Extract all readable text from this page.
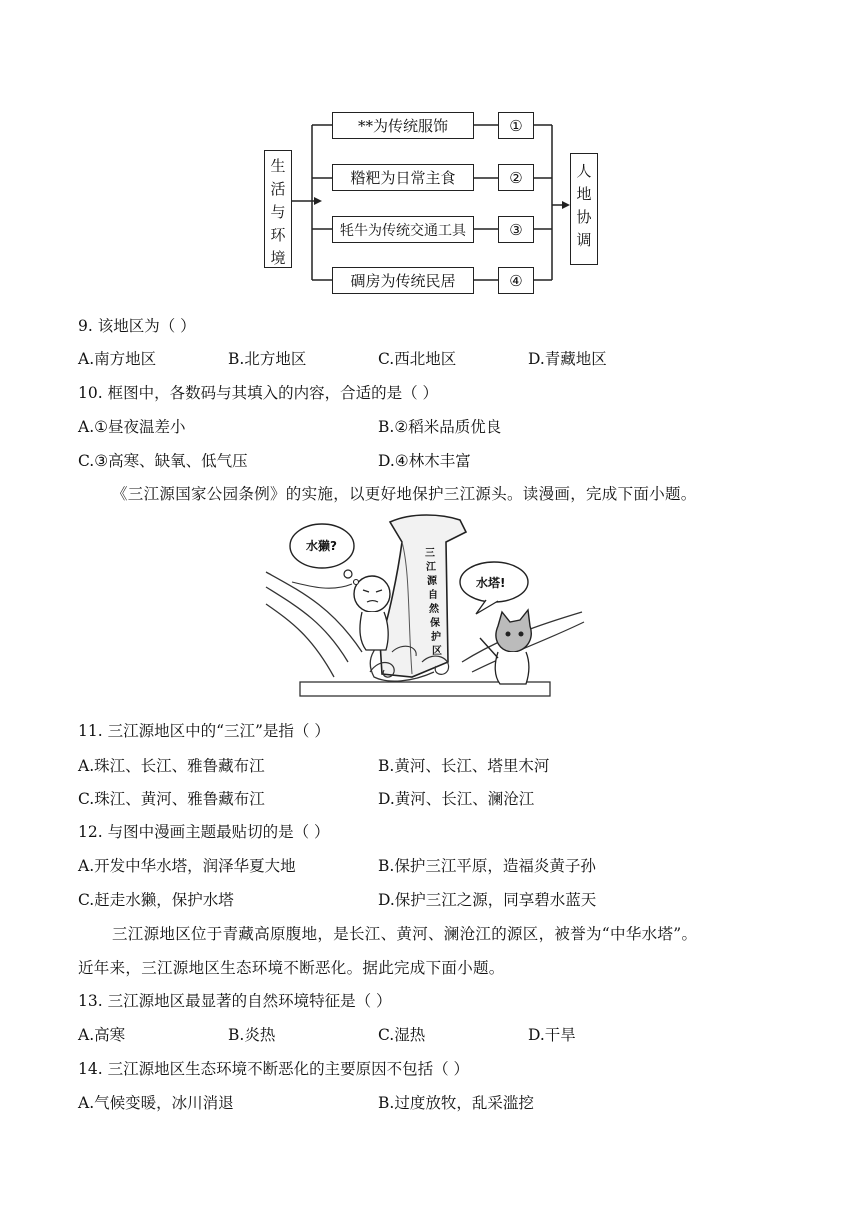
生
活
与
环
境
**为传统服饰	①
糌粑为日常主食	②
牦牛为传统交通工具	③
碉房为传统民居	④
人
地
协
调
9. 该地区为（ ）
A.南方地区	B.北方地区	C.西北地区	D.青藏地区
10. 框图中，各数码与其填入的内容，合适的是（ ）
A.①昼夜温差小	B.②稻米品质优良
C.③高寒、缺氧、低气压	D.④林木丰富
《三江源国家公园条例》的实施，以更好地保护三江源头。读漫画，完成下面小题。
三
江
源
自
然
保
护
区
水獭?
水塔!
11. 三江源地区中的“三江”是指（ ）
A.珠江、长江、雅鲁藏布江	B.黄河、长江、塔里木河
C.珠江、黄河、雅鲁藏布江	D.黄河、长江、澜沧江
12. 与图中漫画主题最贴切的是（ ）
A.开发中华水塔，润泽华夏大地	B.保护三江平原，造福炎黄子孙
C.赶走水獭，保护水塔	D.保护三江之源，同享碧水蓝天
三江源地区位于青藏高原腹地，是长江、黄河、澜沧江的源区，被誉为“中华水塔”。
近年来，三江源地区生态环境不断恶化。据此完成下面小题。
13. 三江源地区最显著的自然环境特征是（ ）
A.高寒	B.炎热	C.湿热	D.干旱
14. 三江源地区生态环境不断恶化的主要原因不包括（ ）
A.气候变暖，冰川消退	B.过度放牧，乱采滥挖
